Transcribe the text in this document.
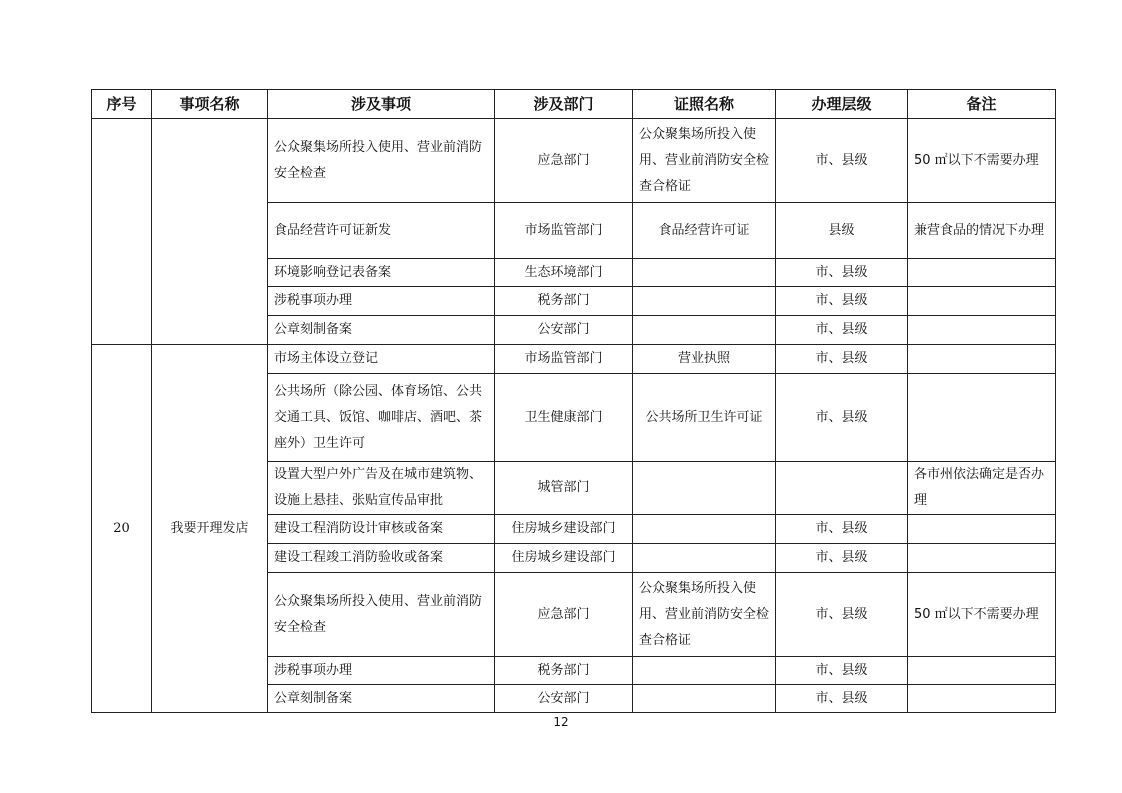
序号	事项名称	涉及事项	涉及部门	证照名称	办理层级	备注
		公众聚集场所投入使用、营业前消防安全检查	应急部门	公众聚集场所投入使用、营业前消防安全检查合格证	市、县级	50 ㎡以下不需要办理
		食品经营许可证新发	市场监管部门	食品经营许可证	县级	兼营食品的情况下办理
		环境影响登记表备案	生态环境部门		市、县级	
		涉税事项办理	税务部门		市、县级	
		公章刻制备案	公安部门		市、县级	
20	我要开理发店	市场主体设立登记	市场监管部门	营业执照	市、县级	
		公共场所（除公园、体育场馆、公共交通工具、饭馆、咖啡店、酒吧、茶座外）卫生许可	卫生健康部门	公共场所卫生许可证	市、县级	
		设置大型户外广告及在城市建筑物、设施上悬挂、张贴宣传品审批	城管部门			各市州依法确定是否办理
		建设工程消防设计审核或备案	住房城乡建设部门		市、县级	
		建设工程竣工消防验收或备案	住房城乡建设部门		市、县级	
		公众聚集场所投入使用、营业前消防安全检查	应急部门	公众聚集场所投入使用、营业前消防安全检查合格证	市、县级	50 ㎡以下不需要办理
		涉税事项办理	税务部门		市、县级	
		公章刻制备案	公安部门		市、县级	
12
